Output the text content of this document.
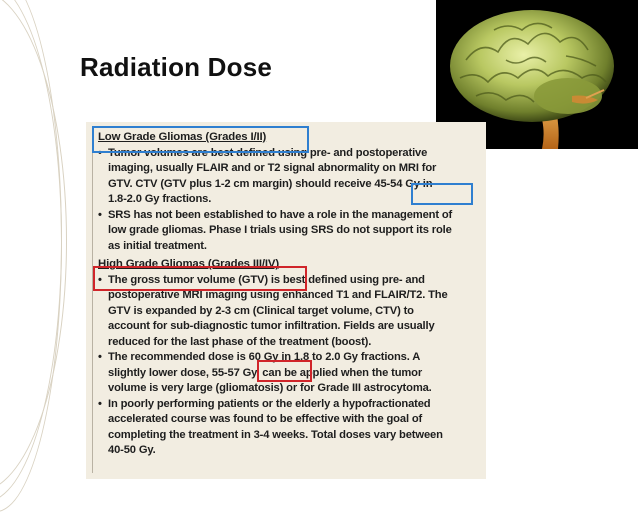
Radiation Dose
Low Grade Gliomas (Grades I/II)
• Tumor volumes are best defined using pre- and postoperative
imaging, usually FLAIR and or T2 signal abnormality on MRI for
GTV. CTV (GTV plus 1-2 cm margin) should receive 45-54 Gy in
1.8-2.0 Gy fractions.
• SRS has not been established to have a role in the management of
low grade gliomas. Phase I trials using SRS do not support its role
as initial treatment.
High Grade Gliomas (Grades III/IV)
• The gross tumor volume (GTV) is best defined using pre- and
postoperative MRI imaging using enhanced T1 and FLAIR/T2. The
GTV is expanded by 2-3 cm (Clinical target volume, CTV) to
account for sub-diagnostic tumor infiltration. Fields are usually
reduced for the last phase of the treatment (boost).
• The recommended dose is 60 Gy in 1.8 to 2.0 Gy fractions. A
slightly lower dose, 55-57 Gy, can be applied when the tumor
volume is very large (gliomatosis) or for Grade III astrocytoma.
• In poorly performing patients or the elderly a hypofractionated
accelerated course was found to be effective with the goal of
completing the treatment in 3-4 weeks. Total doses vary between
40-50 Gy.
